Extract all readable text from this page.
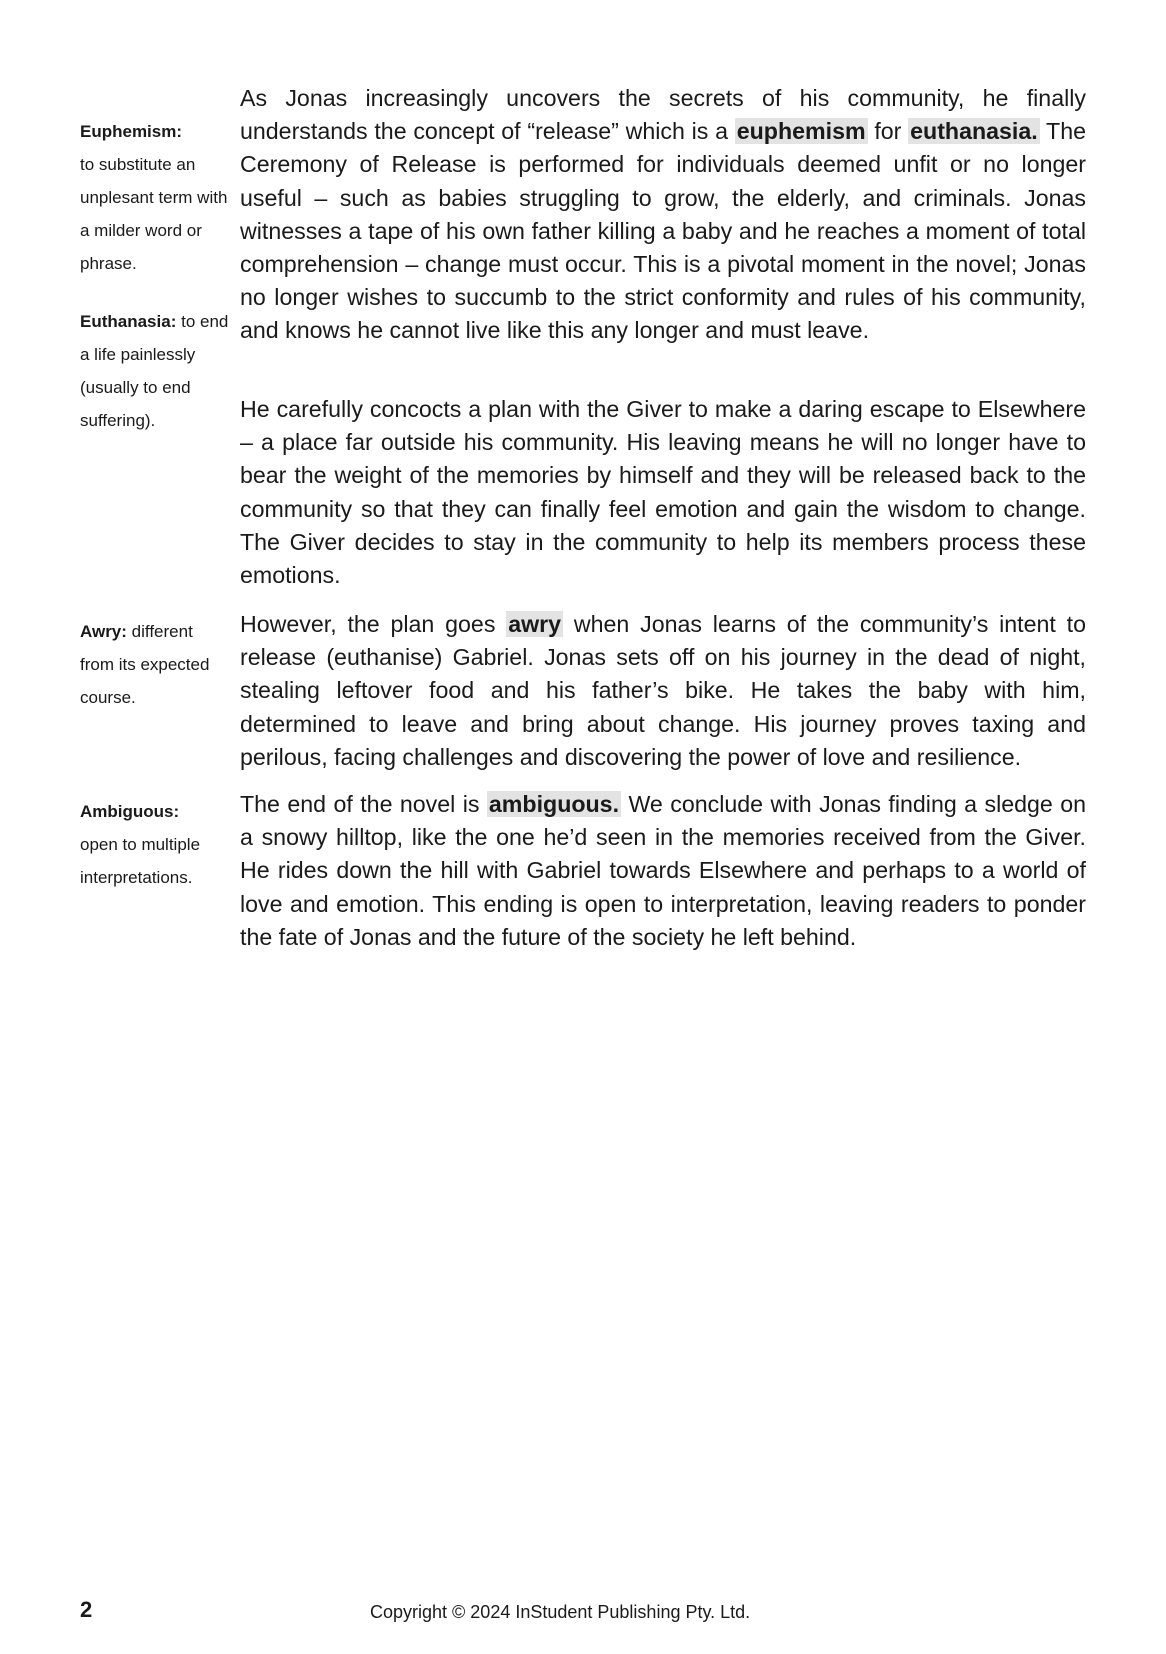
Euphemism:
to substitute an unplesant term with a milder word or phrase.
Euthanasia: to end a life painlessly (usually to end suffering).
Awry: different from its expected course.
Ambiguous:
open to multiple interpretations.

As Jonas increasingly uncovers the secrets of his community, he finally understands the concept of “release” which is a euphemism for euthanasia. The Ceremony of Release is performed for individuals deemed unfit or no longer useful – such as babies struggling to grow, the elderly, and criminals. Jonas witnesses a tape of his own father killing a baby and he reaches a moment of total comprehension – change must occur. This is a pivotal moment in the novel; Jonas no longer wishes to succumb to the strict conformity and rules of his community, and knows he cannot live like this any longer and must leave.

He carefully concocts a plan with the Giver to make a daring escape to Elsewhere – a place far outside his community. His leaving means he will no longer have to bear the weight of the memories by himself and they will be released back to the community so that they can finally feel emotion and gain the wisdom to change. The Giver decides to stay in the community to help its members process these emotions.

However, the plan goes awry when Jonas learns of the community’s intent to release (euthanise) Gabriel. Jonas sets off on his journey in the dead of night, stealing leftover food and his father’s bike. He takes the baby with him, determined to leave and bring about change. His journey proves taxing and perilous, facing challenges and discovering the power of love and resilience.

The end of the novel is ambiguous. We conclude with Jonas finding a sledge on a snowy hilltop, like the one he’d seen in the memories received from the Giver. He rides down the hill with Gabriel towards Elsewhere and perhaps to a world of love and emotion. This ending is open to interpretation, leaving readers to ponder the fate of Jonas and the future of the society he left behind.

2	Copyright © 2024 InStudent Publishing Pty. Ltd.
